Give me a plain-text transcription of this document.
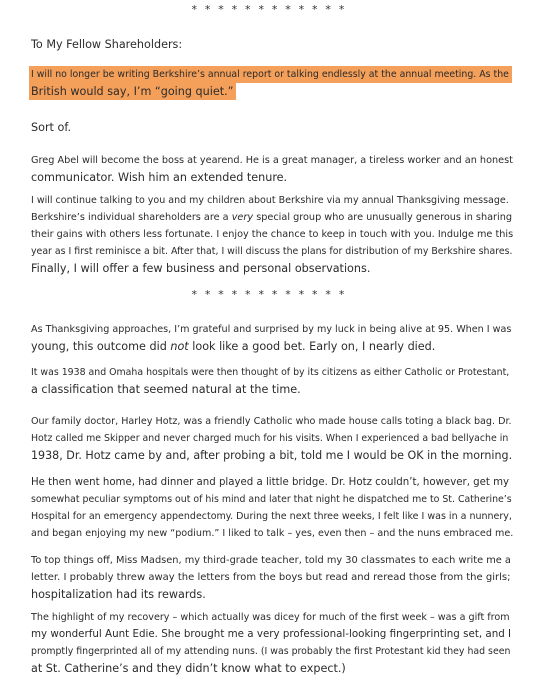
* * * * * * * * * * * *
To My Fellow Shareholders:
I will no longer be writing Berkshire’s annual report or talking endlessly at the annual meeting. As the
British would say, I’m “going quiet.”
Sort of.
Greg Abel will become the boss at yearend. He is a great manager, a tireless worker and an honest
communicator. Wish him an extended tenure.
I will continue talking to you and my children about Berkshire via my annual Thanksgiving message.
Berkshire’s individual shareholders are a very special group who are unusually generous in sharing
their gains with others less fortunate. I enjoy the chance to keep in touch with you. Indulge me this
year as I first reminisce a bit. After that, I will discuss the plans for distribution of my Berkshire shares.
Finally, I will offer a few business and personal observations.
* * * * * * * * * * * *
As Thanksgiving approaches, I’m grateful and surprised by my luck in being alive at 95. When I was
young, this outcome did not look like a good bet. Early on, I nearly died.
It was 1938 and Omaha hospitals were then thought of by its citizens as either Catholic or Protestant,
a classification that seemed natural at the time.
Our family doctor, Harley Hotz, was a friendly Catholic who made house calls toting a black bag. Dr.
Hotz called me Skipper and never charged much for his visits. When I experienced a bad bellyache in
1938, Dr. Hotz came by and, after probing a bit, told me I would be OK in the morning.
He then went home, had dinner and played a little bridge. Dr. Hotz couldn’t, however, get my
somewhat peculiar symptoms out of his mind and later that night he dispatched me to St. Catherine’s
Hospital for an emergency appendectomy. During the next three weeks, I felt like I was in a nunnery,
and began enjoying my new “podium.” I liked to talk – yes, even then – and the nuns embraced me.
To top things off, Miss Madsen, my third-grade teacher, told my 30 classmates to each write me a
letter. I probably threw away the letters from the boys but read and reread those from the girls;
hospitalization had its rewards.
The highlight of my recovery – which actually was dicey for much of the first week – was a gift from
my wonderful Aunt Edie. She brought me a very professional-looking fingerprinting set, and I
promptly fingerprinted all of my attending nuns. (I was probably the first Protestant kid they had seen
at St. Catherine’s and they didn’t know what to expect.)
